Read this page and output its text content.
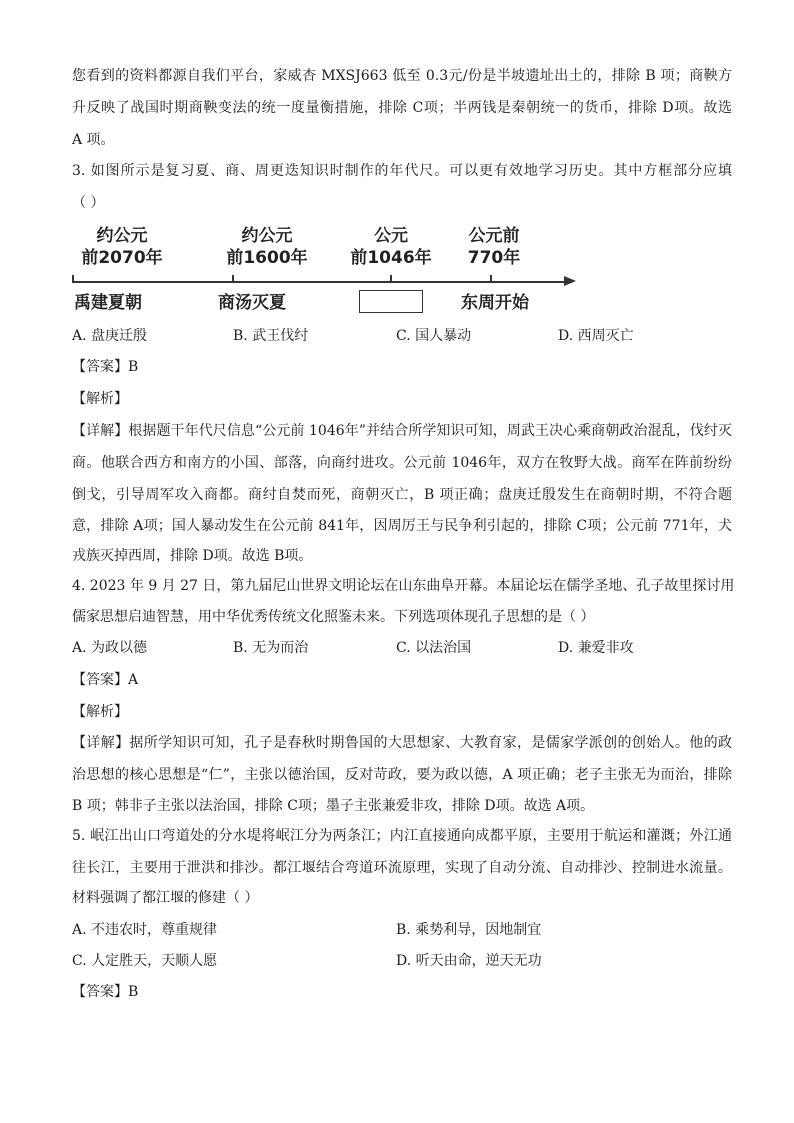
您看到的资料都源自我们平台，家威杏 MXSJ663 低至 0.3元/份是半坡遗址出土的，排除 B 项；商鞅方
升反映了战国时期商鞅变法的统一度量衡措施，排除 C项；半两钱是秦朝统一的货币，排除 D项。故选
A 项。
3. 如图所示是复习夏、商、周更迭知识时制作的年代尺。可以更有效地学习历史。其中方框部分应填
（ ）
约公元
前2070年
约公元
前1600年
公元
前1046年
公元前
770年
禹建夏朝	商汤灭夏	东周开始
A. 盘庚迁殷	B. 武王伐纣	C. 国人暴动	D. 西周灭亡
【答案】B
【解析】
【详解】根据题干年代尺信息“公元前 1046年”并结合所学知识可知，周武王决心乘商朝政治混乱，伐纣灭
商。他联合西方和南方的小国、部落，向商纣进攻。公元前 1046年，双方在牧野大战。商军在阵前纷纷
倒戈，引导周军攻入商都。商纣自焚而死，商朝灭亡，B 项正确；盘庚迁殷发生在商朝时期，不符合题
意，排除 A项；国人暴动发生在公元前 841年，因周厉王与民争利引起的，排除 C项；公元前 771年，犬
戎族灭掉西周，排除 D项。故选 B项。
4. 2023 年 9 月 27 日，第九届尼山世界文明论坛在山东曲阜开幕。本届论坛在儒学圣地、孔子故里探讨用
儒家思想启迪智慧，用中华优秀传统文化照鉴未来。下列选项体现孔子思想的是（ ）
A. 为政以德	B. 无为而治	C. 以法治国	D. 兼爱非攻
【答案】A
【解析】
【详解】据所学知识可知，孔子是春秋时期鲁国的大思想家、大教育家，是儒家学派创的创始人。他的政
治思想的核心思想是“仁”，主张以德治国，反对苛政，要为政以德，A 项正确；老子主张无为而治，排除
B 项；韩非子主张以法治国，排除 C项；墨子主张兼爱非攻，排除 D项。故选 A项。
5. 岷江出山口弯道处的分水堤将岷江分为两条江；内江直接通向成都平原，主要用于航运和灌溉；外江通
往长江，主要用于泄洪和排沙。都江堰结合弯道环流原理，实现了自动分流、自动排沙、控制进水流量。
材料强调了都江堰的修建（ ）
A. 不违农时，尊重规律	B. 乘势利导，因地制宜
C. 人定胜天，天顺人愿	D. 听天由命，逆天无功
【答案】B
